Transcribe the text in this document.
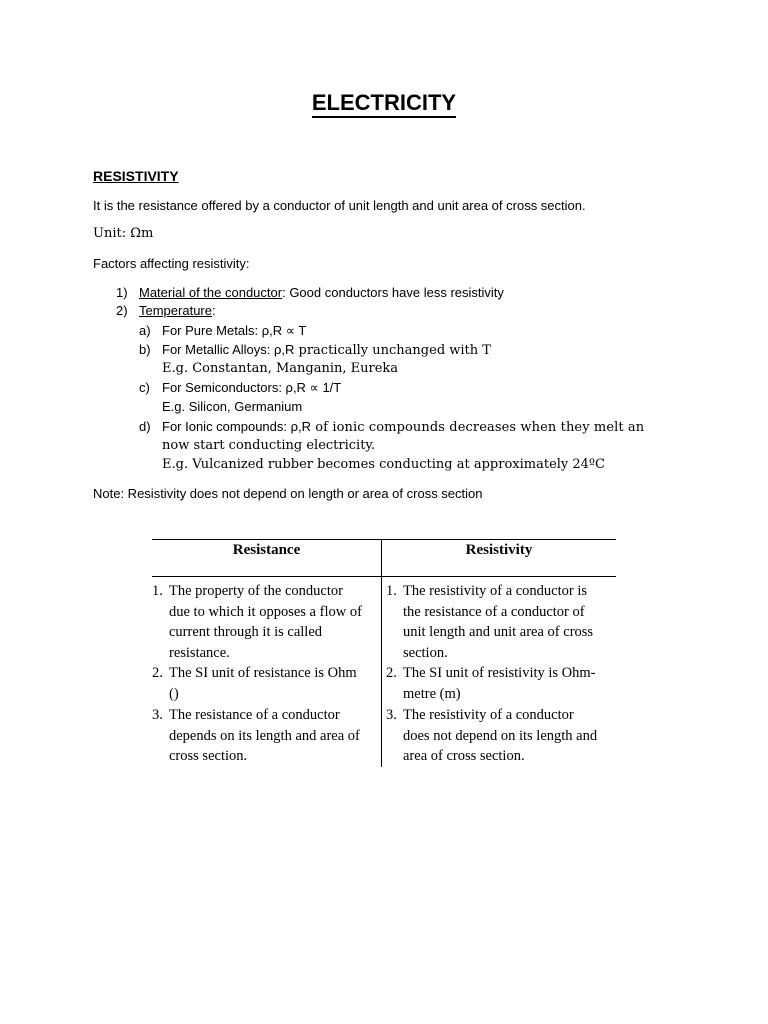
ELECTRICITY
RESISTIVITY
It is the resistance offered by a conductor of unit length and unit area of cross section.
Unit: Ωm
Factors affecting resistivity:
1) Material of the conductor: Good conductors have less resistivity
2) Temperature:
a) For Pure Metals: ρ,R ∝ T
b) For Metallic Alloys: ρ,R practically unchanged with T
E.g. Constantan, Manganin, Eureka
c) For Semiconductors: ρ,R ∝ 1/T
E.g. Silicon, Germanium
d) For Ionic compounds: ρ,R of ionic compounds decreases when they melt an
now start conducting electricity.
E.g. Vulcanized rubber becomes conducting at approximately 24ºC
Note: Resistivity does not depend on length or area of cross section
Resistance	Resistivity
1. The property of the conductor
due to which it opposes a flow of
current through it is called
resistance.
1. The resistivity of a conductor is
the resistance of a conductor of
unit length and unit area of cross
section.
2. The SI unit of resistance is Ohm
()
2. The SI unit of resistivity is Ohm-
metre (m)
3. The resistance of a conductor
depends on its length and area of
cross section.
3. The resistivity of a conductor
does not depend on its length and
area of cross section.
